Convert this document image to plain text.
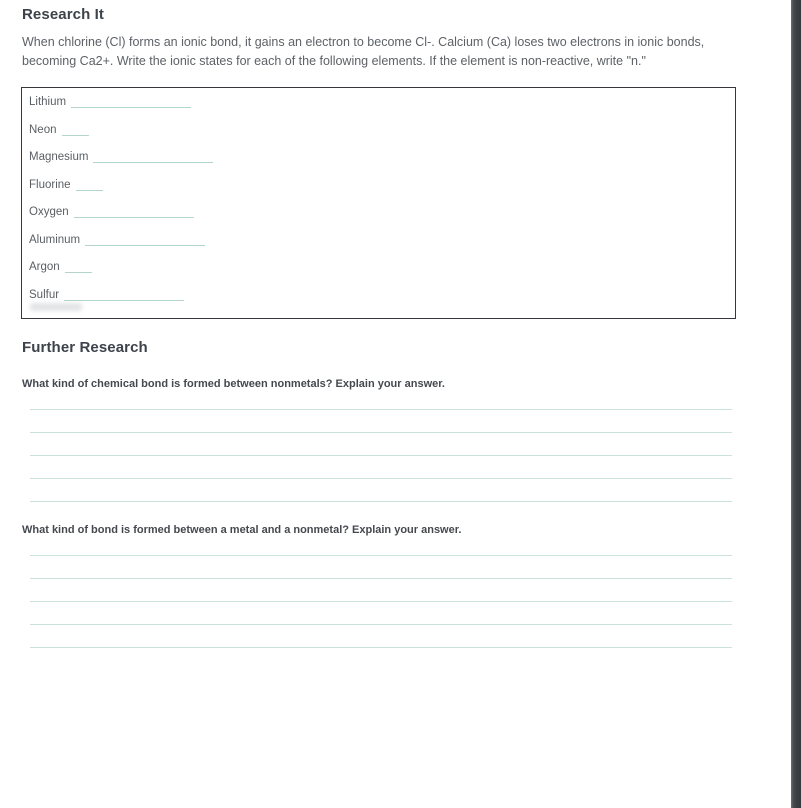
Research It

When chlorine (Cl) forms an ionic bond, it gains an electron to become Cl-. Calcium (Ca) loses two electrons in ionic bonds, becoming Ca2+. Write the ionic states for each of the following elements. If the element is non-reactive, write "n."

Lithium
Neon
Magnesium
Fluorine
Oxygen
Aluminum
Argon
Sulfur
Further Research

What kind of chemical bond is formed between nonmetals? Explain your answer.

What kind of bond is formed between a metal and a nonmetal? Explain your answer.
